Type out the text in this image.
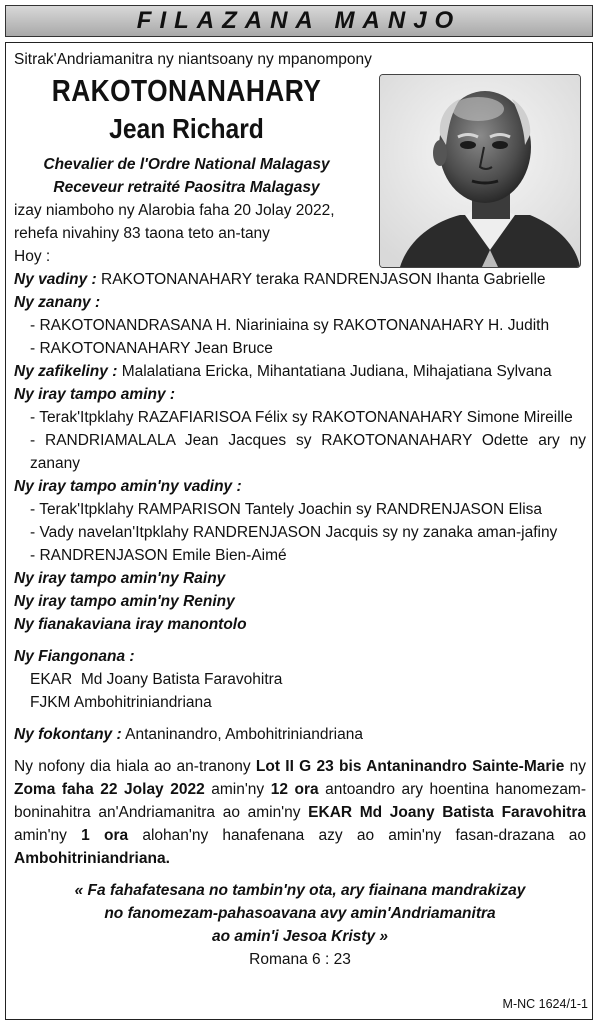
FILAZANA MANJO

Sitrak'Andriamanitra ny niantsoany ny mpanompony

RAKOTONANAHARY

Jean Richard

Chevalier de l'Ordre National Malagasy

Receveur retraité Paositra Malagasy

izay niamboho ny Alarobia faha 20 Jolay 2022,

rehefa nivahiny 83 taona teto an-tany

Hoy :

Ny vadiny : RAKOTONANAHARY teraka RANDRENJASON Ihanta Gabrielle

Ny zanany :

- RAKOTONANDRASANA H. Niariniaina sy RAKOTONANAHARY H. Judith

- RAKOTONANAHARY Jean Bruce

Ny zafikeliny : Malalatiana Ericka, Mihantatiana Judiana, Mihajatiana Sylvana

Ny iray tampo aminy :

- Terak'Itpklahy RAZAFIARISOA Félix sy RAKOTONANAHARY Simone Mireille

- RANDRIAMALALA Jean Jacques sy RAKOTONANAHARY Odette ary ny zanany

Ny iray tampo amin'ny vadiny :

- Terak'Itpklahy RAMPARISON Tantely Joachin sy RANDRENJASON Elisa

- Vady navelan'Itpklahy RANDRENJASON Jacquis sy ny zanaka aman-jafiny

- RANDRENJASON Emile Bien-Aimé

Ny iray tampo amin'ny Rainy

Ny iray tampo amin'ny Reniny

Ny fianakaviana iray manontolo

Ny Fiangonana :

EKAR  Md Joany Batista Faravohitra

FJKM Ambohitriniandriana

Ny fokontany : Antaninandro, Ambohitriniandriana

Ny nofony dia hiala ao an-tranony Lot II G 23 bis Antaninandro Sainte-Marie ny Zoma faha 22 Jolay 2022 amin'ny 12 ora antoandro ary hoentina hanomezam-boninahitra an'Andriamanitra ao amin'ny EKAR Md Joany Batista Faravohitra amin'ny 1 ora alohan'ny hanafenana azy ao amin'ny fasan-drazana ao Ambohitriniandriana.

« Fa fahafatesana no tambin'ny ota, ary fiainana mandrakizay

no fanomezam-pahasoavana avy amin'Andriamanitra

ao amin'i Jesoa Kristy »

Romana 6 : 23

M-NC 1624/1-1
